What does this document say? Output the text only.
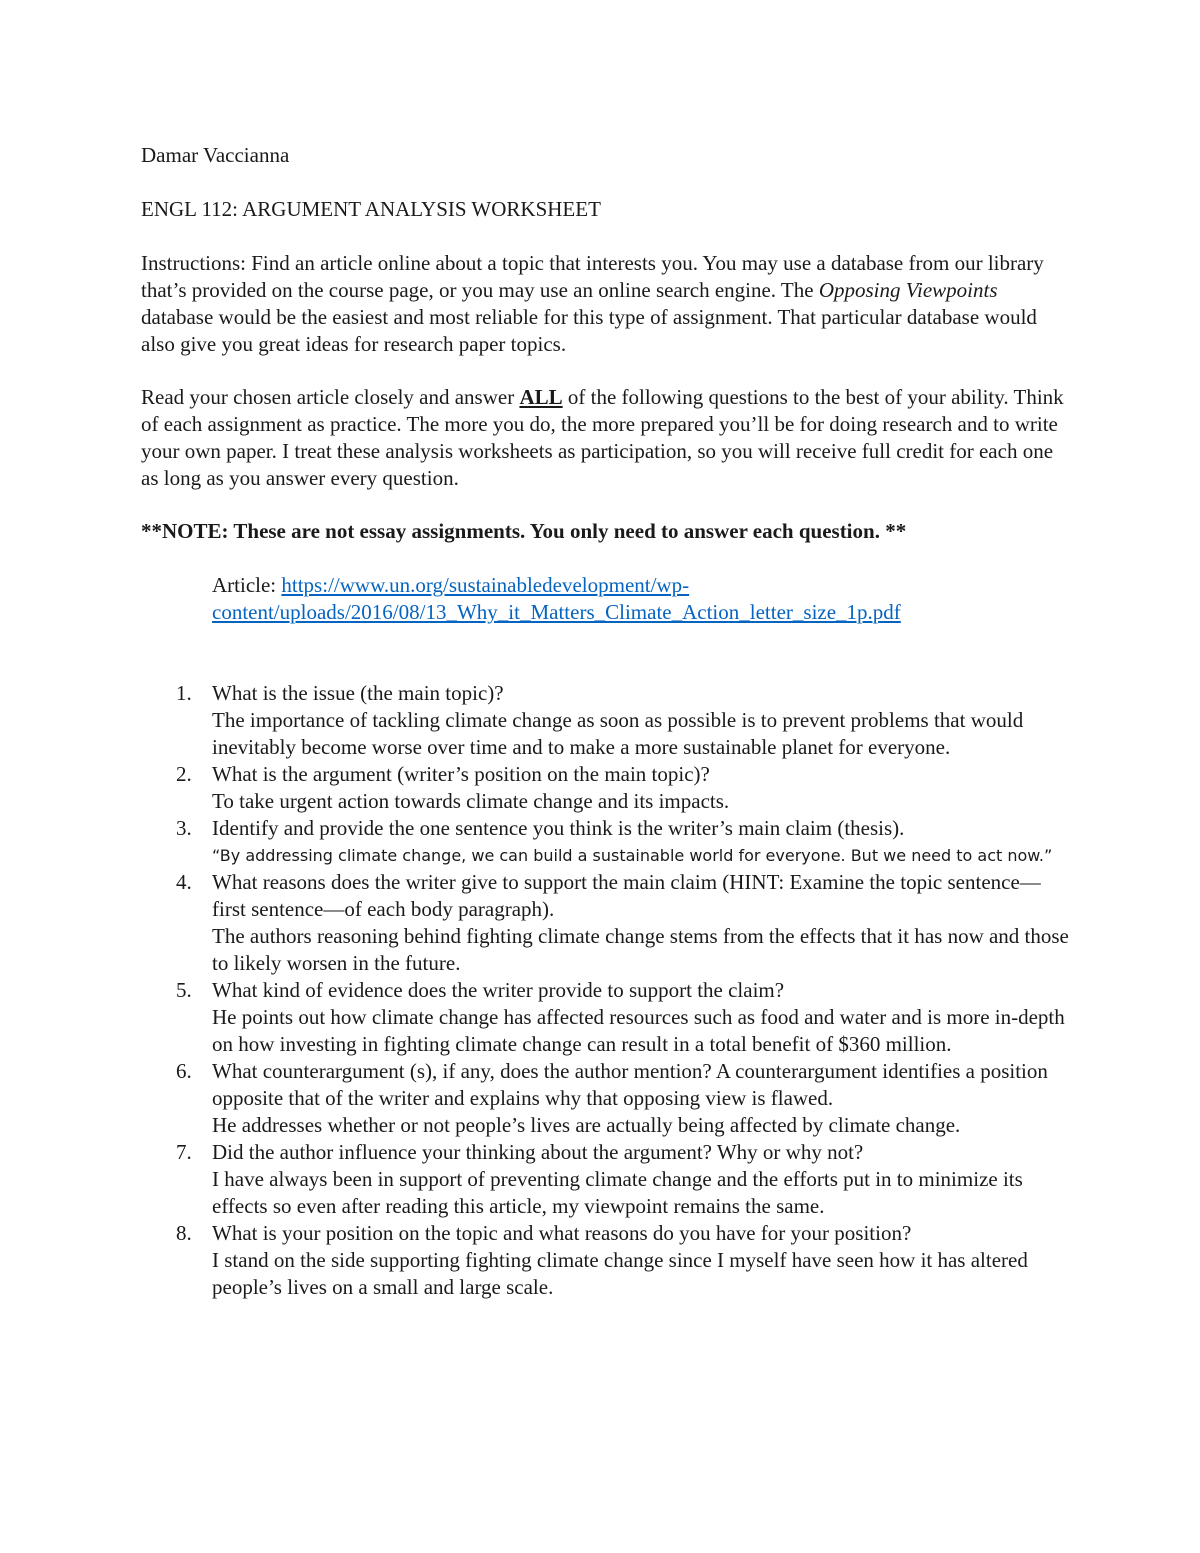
Damar Vaccianna

ENGL 112: ARGUMENT ANALYSIS WORKSHEET

Instructions: Find an article online about a topic that interests you. You may use a database from our library that’s provided on the course page, or you may use an online search engine. The Opposing Viewpoints database would be the easiest and most reliable for this type of assignment. That particular database would also give you great ideas for research paper topics.

Read your chosen article closely and answer ALL of the following questions to the best of your ability. Think of each assignment as practice. The more you do, the more prepared you’ll be for doing research and to write your own paper. I treat these analysis worksheets as participation, so you will receive full credit for each one as long as you answer every question.

**NOTE: These are not essay assignments. You only need to answer each question. **

Article: https://www.un.org/sustainabledevelopment/wp-
content/uploads/2016/08/13_Why_it_Matters_Climate_Action_letter_size_1p.pdf
1. What is the issue (the main topic)?
The importance of tackling climate change as soon as possible is to prevent problems that would inevitably become worse over time and to make a more sustainable planet for everyone.
2. What is the argument (writer’s position on the main topic)?
To take urgent action towards climate change and its impacts.
3. Identify and provide the one sentence you think is the writer’s main claim (thesis).
“By addressing climate change, we can build a sustainable world for everyone. But we need to act now.”
4. What reasons does the writer give to support the main claim (HINT: Examine the topic sentence—first sentence—of each body paragraph).
The authors reasoning behind fighting climate change stems from the effects that it has now and those to likely worsen in the future.
5. What kind of evidence does the writer provide to support the claim?
He points out how climate change has affected resources such as food and water and is more in-depth on how investing in fighting climate change can result in a total benefit of $360 million.
6. What counterargument (s), if any, does the author mention? A counterargument identifies a position opposite that of the writer and explains why that opposing view is flawed.
He addresses whether or not people’s lives are actually being affected by climate change.
7. Did the author influence your thinking about the argument? Why or why not?
I have always been in support of preventing climate change and the efforts put in to minimize its effects so even after reading this article, my viewpoint remains the same.
8. What is your position on the topic and what reasons do you have for your position?
I stand on the side supporting fighting climate change since I myself have seen how it has altered people’s lives on a small and large scale.
